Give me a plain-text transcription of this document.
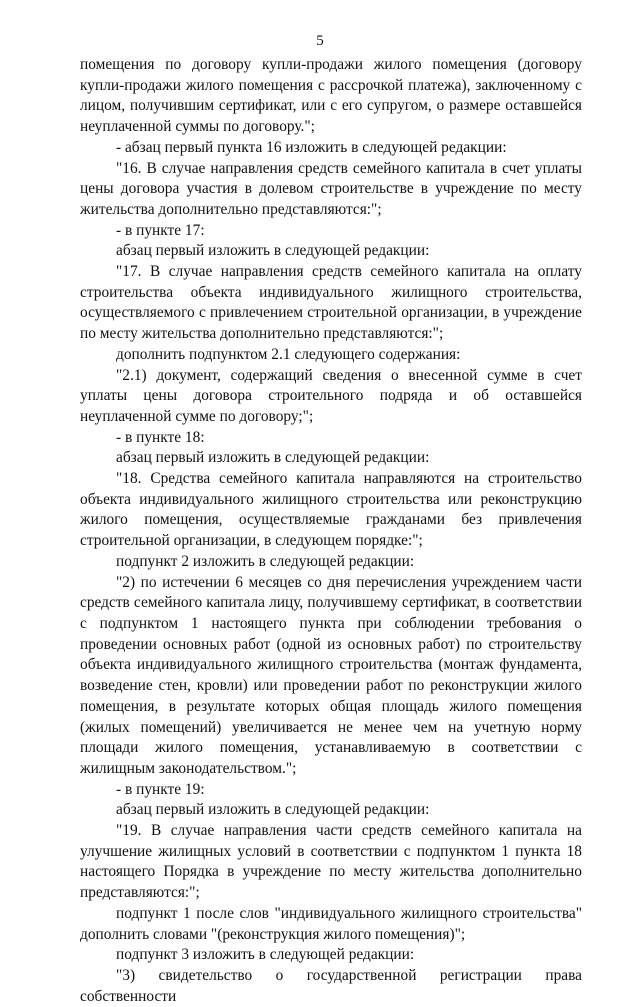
5

помещения по договору купли-продажи жилого помещения (договору купли-продажи жилого помещения с рассрочкой платежа), заключенному с лицом, получившим сертификат, или с его супругом, о размере оставшейся неуплаченной суммы по договору.";

- абзац первый пункта 16 изложить в следующей редакции:

"16. В случае направления средств семейного капитала в счет уплаты цены договора участия в долевом строительстве в учреждение по месту жительства дополнительно представляются:";

- в пункте 17:

абзац первый изложить в следующей редакции:

"17. В случае направления средств семейного капитала на оплату строительства объекта индивидуального жилищного строительства, осуществляемого с привлечением строительной организации, в учреждение по месту жительства дополнительно представляются:";

дополнить подпунктом 2.1 следующего содержания:

"2.1) документ, содержащий сведения о внесенной сумме в счет уплаты цены договора строительного подряда и об оставшейся неуплаченной сумме по договору;";

- в пункте 18:

абзац первый изложить в следующей редакции:

"18. Средства семейного капитала направляются на строительство объекта индивидуального жилищного строительства или реконструкцию жилого помещения, осуществляемые гражданами без привлечения строительной организации, в следующем порядке:";

подпункт 2 изложить в следующей редакции:

"2) по истечении 6 месяцев со дня перечисления учреждением части средств семейного капитала лицу, получившему сертификат, в соответствии с подпунктом 1 настоящего пункта при соблюдении требования о проведении основных работ (одной из основных работ) по строительству объекта индивидуального жилищного строительства (монтаж фундамента, возведение стен, кровли) или проведении работ по реконструкции жилого помещения, в результате которых общая площадь жилого помещения (жилых помещений) увеличивается не менее чем на учетную норму площади жилого помещения, устанавливаемую в соответствии с жилищным законодательством.";

- в пункте 19:

абзац первый изложить в следующей редакции:

"19. В случае направления части средств семейного капитала на улучшение жилищных условий в соответствии с подпунктом 1 пункта 18 настоящего Порядка в учреждение по месту жительства дополнительно представляются:";

подпункт 1 после слов "индивидуального жилищного строительства" дополнить словами "(реконструкция жилого помещения)";

подпункт 3 изложить в следующей редакции:

"3) свидетельство о государственной регистрации права собственности
